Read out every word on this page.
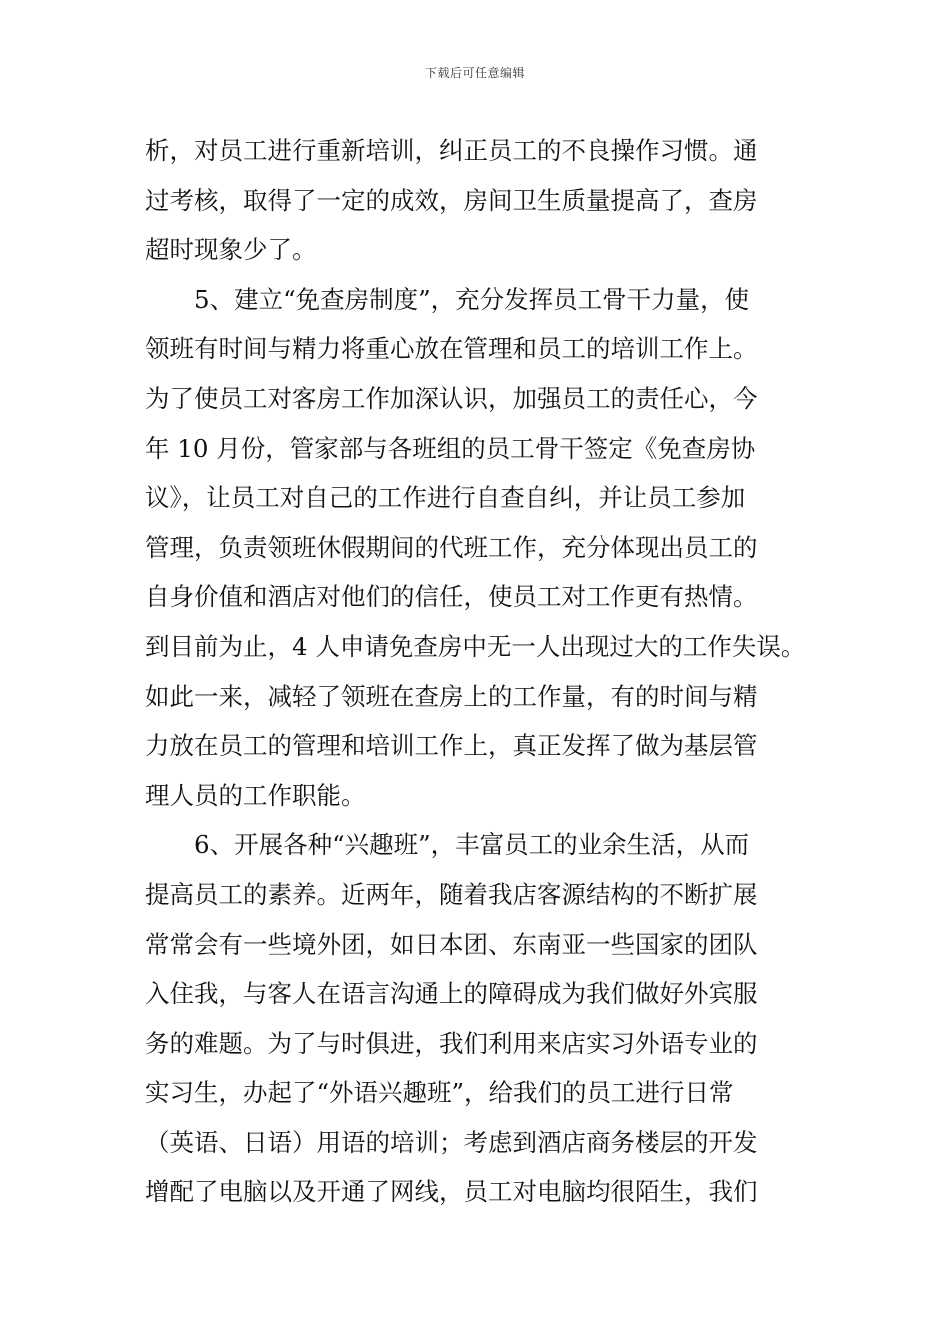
下载后可任意编辑
析，对员工进行重新培训，纠正员工的不良操作习惯。通
过考核，取得了一定的成效，房间卫生质量提高了，查房
超时现象少了。
5、建立“免查房制度”，充分发挥员工骨干力量，使
领班有时间与精力将重心放在管理和员工的培训工作上。
为了使员工对客房工作加深认识，加强员工的责任心，今
年 10 月份，管家部与各班组的员工骨干签定《免查房协
议》，让员工对自己的工作进行自查自纠，并让员工参加
管理，负责领班休假期间的代班工作，充分体现出员工的
自身价值和酒店对他们的信任，使员工对工作更有热情。
到目前为止，4 人申请免查房中无一人出现过大的工作失误。
如此一来，减轻了领班在查房上的工作量，有的时间与精
力放在员工的管理和培训工作上，真正发挥了做为基层管
理人员的工作职能。
6、开展各种“兴趣班”，丰富员工的业余生活，从而
提高员工的素养。近两年，随着我店客源结构的不断扩展
常常会有一些境外团，如日本团、东南亚一些国家的团队
入住我，与客人在语言沟通上的障碍成为我们做好外宾服
务的难题。为了与时俱进，我们利用来店实习外语专业的
实习生，办起了“外语兴趣班”，给我们的员工进行日常
（英语、日语）用语的培训；考虑到酒店商务楼层的开发
增配了电脑以及开通了网线，员工对电脑均很陌生，我们
